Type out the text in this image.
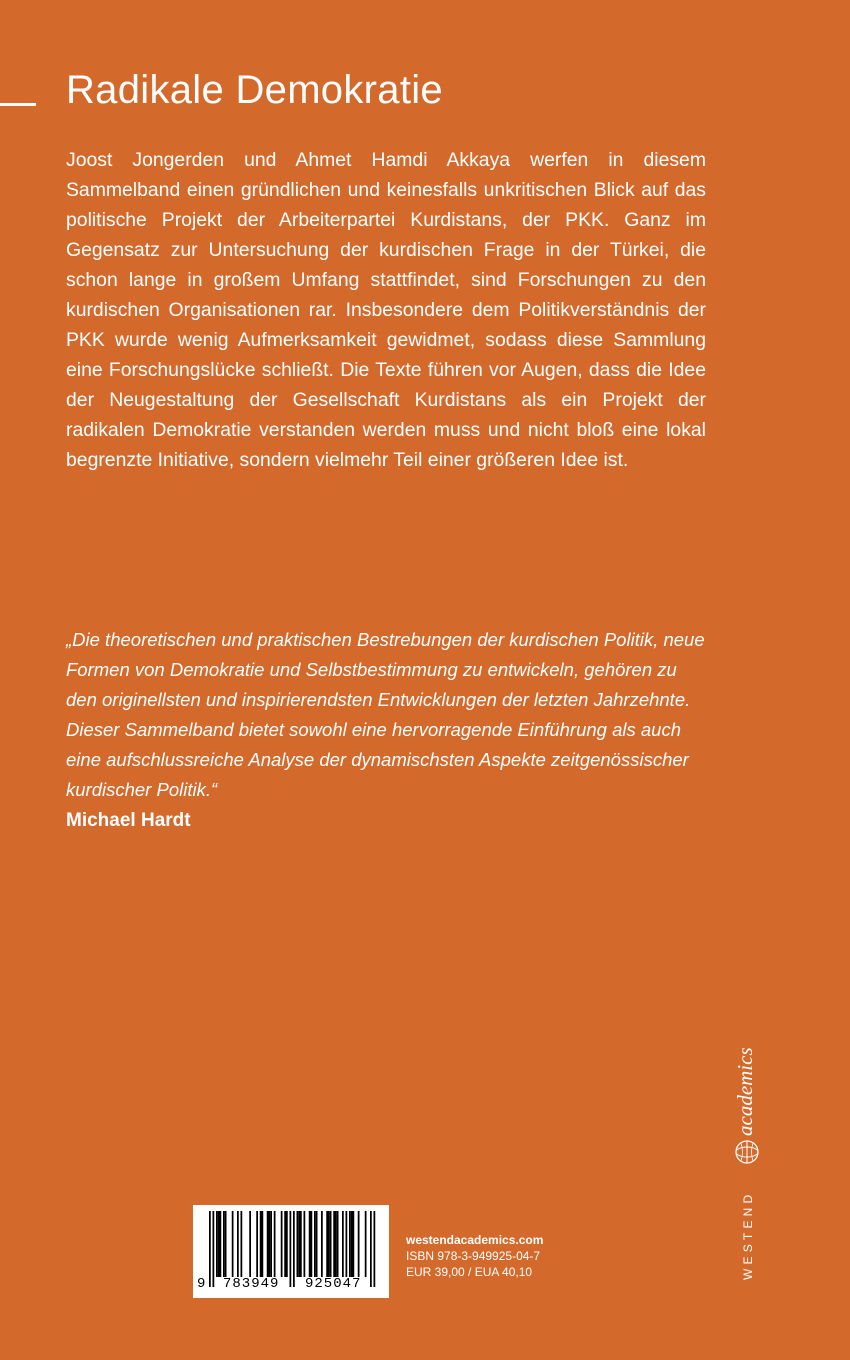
Radikale Demokratie

Joost Jongerden und Ahmet Hamdi Akkaya werfen in diesem Sammelband einen gründlichen und keinesfalls unkritischen Blick auf das politische Projekt der Arbeiterpartei Kurdistans, der PKK. Ganz im Gegensatz zur Untersuchung der kurdischen Frage in der Türkei, die schon lange in großem Umfang stattfindet, sind Forschungen zu den kurdischen Organisationen rar. Insbesondere dem Politikverständnis der PKK wurde wenig Aufmerksamkeit gewidmet, sodass diese Sammlung eine Forschungslücke schließt. Die Texte führen vor Augen, dass die Idee der Neugestaltung der Gesellschaft Kurdistans als ein Projekt der radikalen Demokratie verstanden werden muss und nicht bloß eine lokal begrenzte Initiative, sondern vielmehr Teil einer größeren Idee ist.

„Die theoretischen und praktischen Bestrebungen der kurdischen Politik, neue Formen von Demokratie und Selbstbestimmung zu entwickeln, gehören zu den originellsten und inspirierendsten Entwicklungen der letzten Jahrzehnte. Dieser Sammelband bietet sowohl eine hervorragende Einführung als auch eine aufschlussreiche Analyse der dynamischsten Aspekte zeitgenössischer kurdischer Politik.“

Michael Hardt

9 783949 925047
westendacademics.com
ISBN 978-3-949925-04-7
EUR 39,00 / EUA 40,10	WESTEND
academics
